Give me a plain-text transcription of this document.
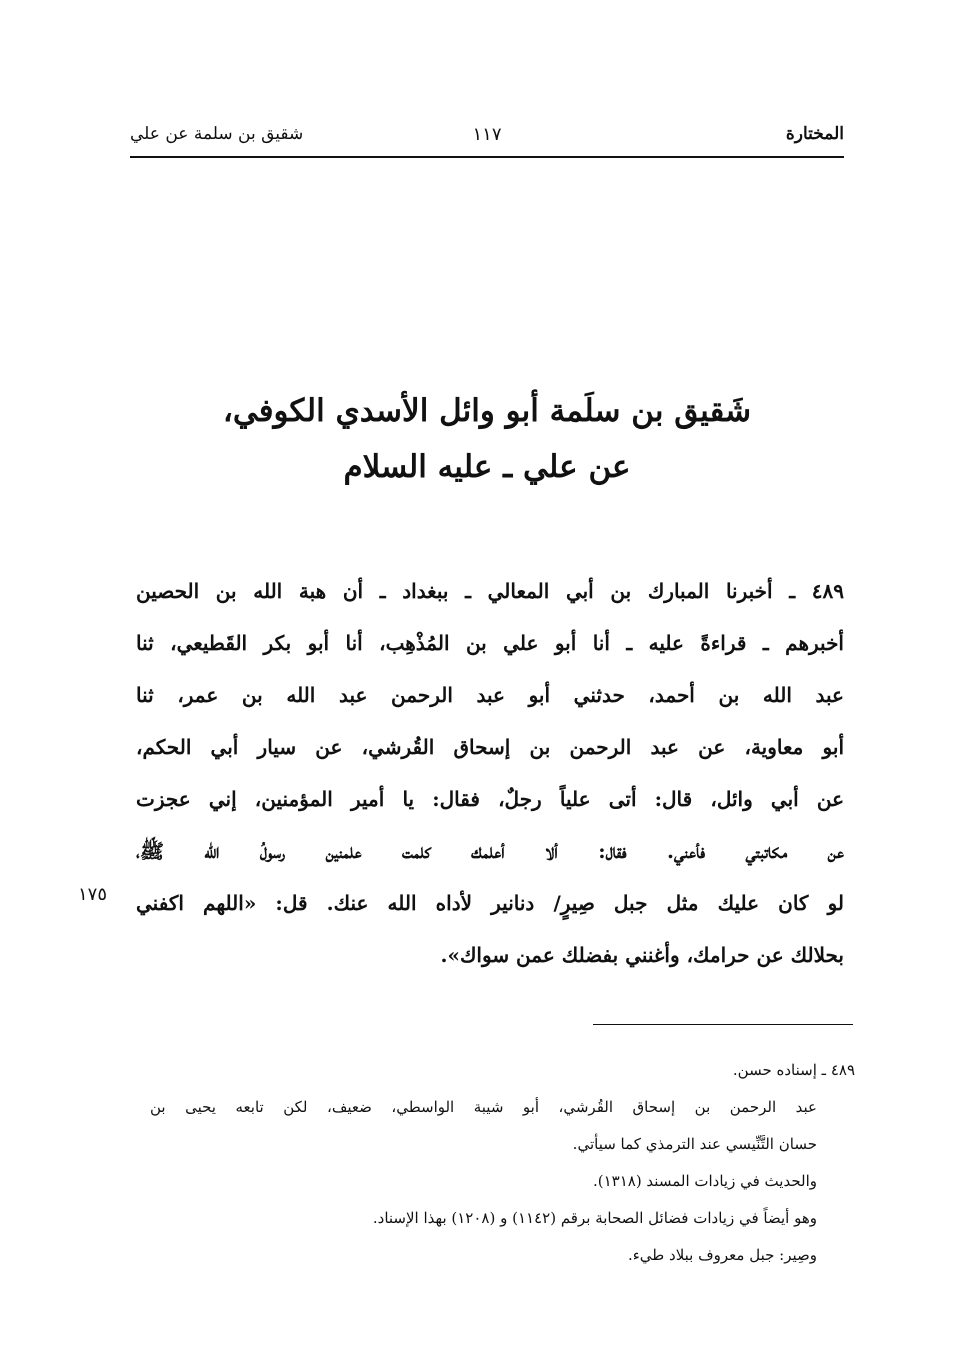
المختارة
١١٧
شقيق بن سلمة عن علي
شَقيق بن سلَمة أبو وائل الأسدي الكوفي،
عن علي ـ عليه السلام
٤٨٩ ـ أخبرنا المبارك بن أبي المعالي ـ ببغداد ـ أن هبة الله بن الحصين
أخبرهم ـ قراءةً عليه ـ أنا أبو علي بن المُذْهِب، أنا أبو بكر القَطيعي، ثنا
عبد الله بن أحمد، حدثني أبو عبد الرحمن عبد الله بن عمر، ثنا
أبو معاوية، عن عبد الرحمن بن إسحاق القُرشي، عن سيار أبي الحكم،
عن أبي وائل، قال: أتى علياً رجلٌ، فقال: يا أمير المؤمنين، إني عجزت
عن مكاتبتي فأعني. فقال: ألا أعلمك كلمت علمنين رسولُ الله ﷺ،
لو كان عليك مثل جبل صِيرٍ/ دنانير لأداه الله عنك. قل: «اللهم اكفني
بحلالك عن حرامك، وأغنني بفضلك عمن سواك».
١٧٥
٤٨٩ ـ إسناده حسن.
عبد الرحمن بن إسحاق القُرشي، أبو شيبة الواسطي، ضعيف، لكن تابعه يحيى بن
حسان التَّنِّيسي عند الترمذي كما سيأتي.
والحديث في زيادات المسند (١٣١٨).
وهو أيضاً في زيادات فضائل الصحابة برقم (١١٤٢) و (١٢٠٨) بهذا الإسناد.
وصِير: جبل معروف ببلاد طيء.
